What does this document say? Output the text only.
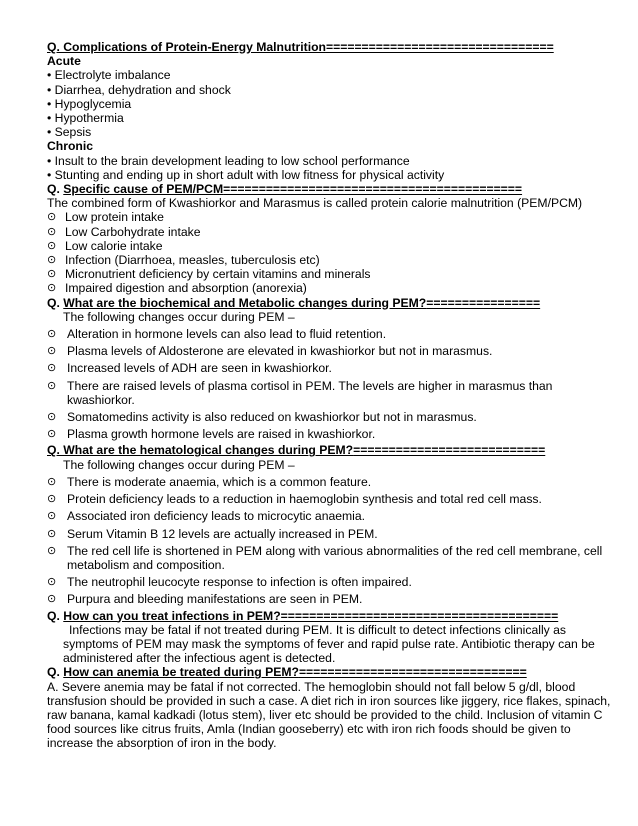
Q. Complications of Protein-Energy Malnutrition================================
Acute
• Electrolyte imbalance
• Diarrhea, dehydration and shock
• Hypoglycemia
• Hypothermia
• Sepsis
Chronic
• Insult to the brain development leading to low school performance
• Stunting and ending up in short adult with low fitness for physical activity
Q. Specific cause of PEM/PCM==========================================
The combined form of Kwashiorkor and Marasmus is called protein calorie malnutrition (PEM/PCM)
⊙ Low protein intake
⊙ Low Carbohydrate intake
⊙ Low calorie intake
⊙ Infection (Diarrhoea, measles, tuberculosis etc)
⊙ Micronutrient deficiency by certain vitamins and minerals
⊙ Impaired digestion and absorption (anorexia)
Q. What are the biochemical and Metabolic changes during PEM?================
The following changes occur during PEM –
⊙ Alteration in hormone levels can also lead to fluid retention.
⊙ Plasma levels of Aldosterone are elevated in kwashiorkor but not in marasmus.
⊙ Increased levels of ADH are seen in kwashiorkor.
⊙ There are raised levels of plasma cortisol in PEM. The levels are higher in marasmus than kwashiorkor.
⊙ Somatomedins activity is also reduced on kwashiorkor but not in marasmus.
⊙ Plasma growth hormone levels are raised in kwashiorkor.
Q. What are the hematological changes during PEM?===========================
The following changes occur during PEM –
⊙ There is moderate anaemia, which is a common feature.
⊙ Protein deficiency leads to a reduction in haemoglobin synthesis and total red cell mass.
⊙ Associated iron deficiency leads to microcytic anaemia.
⊙ Serum Vitamin B 12 levels are actually increased in PEM.
⊙ The red cell life is shortened in PEM along with various abnormalities of the red cell membrane, cell metabolism and composition.
⊙ The neutrophil leucocyte response to infection is often impaired.
⊙ Purpura and bleeding manifestations are seen in PEM.
Q. How can you treat infections in PEM?=======================================
Infections may be fatal if not treated during PEM. It is difficult to detect infections clinically as symptoms of PEM may mask the symptoms of fever and rapid pulse rate. Antibiotic therapy can be administered after the infectious agent is detected.
Q. How can anemia be treated during PEM?================================
A. Severe anemia may be fatal if not corrected. The hemoglobin should not fall below 5 g/dl, blood transfusion should be provided in such a case. A diet rich in iron sources like jiggery, rice flakes, spinach, raw banana, kamal kadkadi (lotus stem), liver etc should be provided to the child. Inclusion of vitamin C food sources like citrus fruits, Amla (Indian gooseberry) etc with iron rich foods should be given to increase the absorption of iron in the body.
